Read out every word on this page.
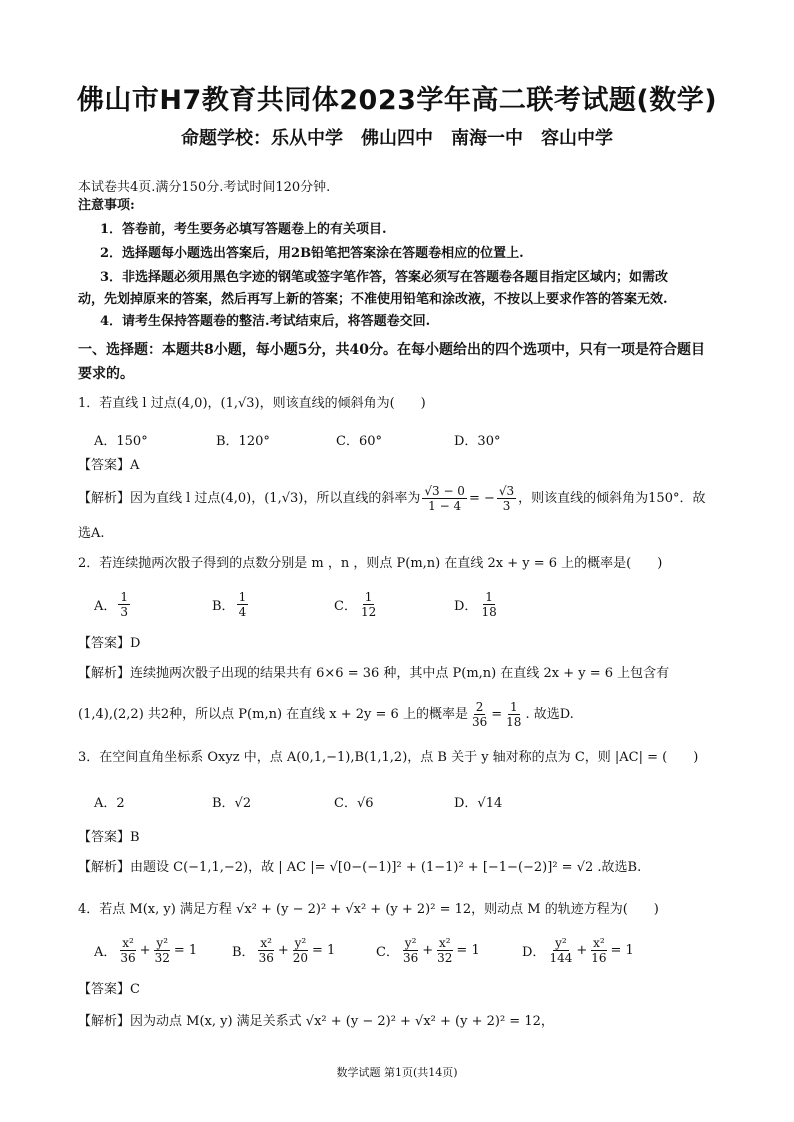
佛山市H7教育共同体2023学年高二联考试题(数学)
命题学校：乐从中学　佛山四中　南海一中　容山中学
本试卷共4页.满分150分.考试时间120分钟.
注意事项:
1．答卷前，考生要务必填写答题卷上的有关项目.
2．选择题每小题选出答案后，用2B铅笔把答案涂在答题卷相应的位置上.
3．非选择题必须用黑色字迹的钢笔或签字笔作答，答案必须写在答题卷各题目指定区域内；如需改
动，先划掉原来的答案，然后再写上新的答案；不准使用铅笔和涂改液，不按以上要求作答的答案无效.
4．请考生保持答题卷的整洁.考试结束后，将答题卷交回.
一、选择题：本题共8小题，每小题5分，共40分。在每小题给出的四个选项中，只有一项是符合题目
要求的。
1．若直线 l 过点(4,0)，(1,√3)，则该直线的倾斜角为(　　)
A．150°	B．120°	C．60°	D．30°
【答案】A
【解析】因为直线 l 过点(4,0)，(1,√3)，所以直线的斜率为 $\frac{√3 - 0}{1 - 4}$ = − $\frac{√3}{3}$ ，则该直线的倾斜角为150°．故
选A.
2．若连续抛两次骰子得到的点数分别是 m ，n ，则点 P(m,n) 在直线 2x + y = 6 上的概率是(　　)
A． $\frac{1}{3}$	B． $\frac{1}{4}$	C． $\frac{1}{12}$	D． $\frac{1}{18}$
【答案】D
【解析】连续抛两次骰子出现的结果共有 6×6 = 36 种，其中点 P(m,n) 在直线 2x + y = 6 上包含有
(1,4),(2,2) 共2种，所以点 P(m,n) 在直线 x + 2y = 6 上的概率是 $\frac{2}{36} = \frac{1}{18}$ . 故选D.
3．在空间直角坐标系 Oxyz 中，点 A(0,1,−1),B(1,1,2)，点 B 关于 y 轴对称的点为 C，则 |AC| = (　　)
A．2	B．√2	C．√6	D．√14
【答案】B
【解析】由题设 C(−1,1,−2)，故 | AC |= √[0−(−1)]² + (1−1)² + [−1−(−2)]² = √2 .故选B.
4．若点 M(x, y) 满足方程 √x² + (y − 2)² + √x² + (y + 2)² = 12，则动点 M 的轨迹方程为(　　)
A． $\frac{\text{x²}}{36} + \frac{\text{y²}}{32} = 1$	B． $\frac{\text{x²}}{36} + \frac{\text{y²}}{20} = 1$	C． $\frac{\text{y²}}{36} + \frac{\text{x²}}{32} = 1$	D． $\frac{\text{y²}}{144} + \frac{\text{x²}}{16} = 1$
【答案】C
【解析】因为动点 M(x, y) 满足关系式 √x² + (y − 2)² + √x² + (y + 2)² = 12，
数学试题 第1页(共14页)
